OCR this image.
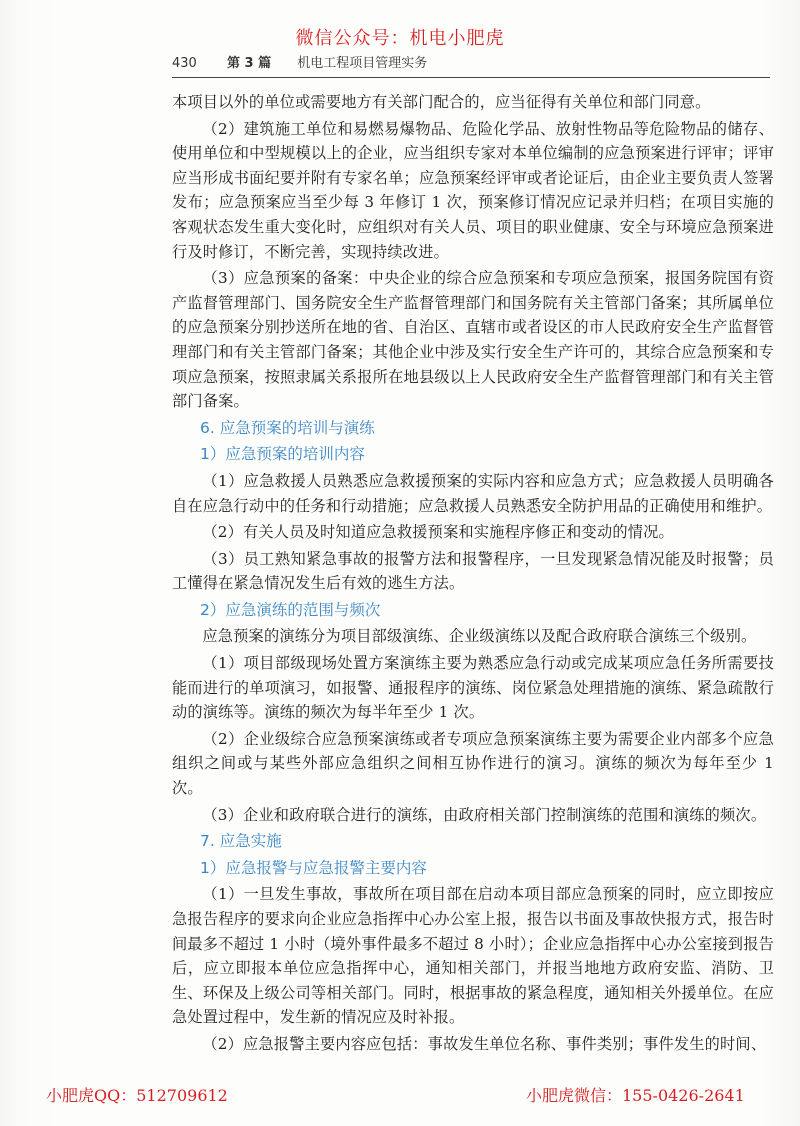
微信公众号：机电小肥虎
430 第 3 篇 机电工程项目管理实务
本项目以外的单位或需要地方有关部门配合的，应当征得有关单位和部门同意。
（2）建筑施工单位和易燃易爆物品、危险化学品、放射性物品等危险物品的储存、使用单位和中型规模以上的企业，应当组织专家对本单位编制的应急预案进行评审；评审应当形成书面纪要并附有专家名单；应急预案经评审或者论证后，由企业主要负责人签署发布；应急预案应当至少每 3 年修订 1 次，预案修订情况应记录并归档；在项目实施的客观状态发生重大变化时，应组织对有关人员、项目的职业健康、安全与环境应急预案进行及时修订，不断完善，实现持续改进。
（3）应急预案的备案：中央企业的综合应急预案和专项应急预案，报国务院国有资产监督管理部门、国务院安全生产监督管理部门和国务院有关主管部门备案；其所属单位的应急预案分别抄送所在地的省、自治区、直辖市或者设区的市人民政府安全生产监督管理部门和有关主管部门备案；其他企业中涉及实行安全生产许可的，其综合应急预案和专项应急预案，按照隶属关系报所在地县级以上人民政府安全生产监督管理部门和有关主管部门备案。
6. 应急预案的培训与演练
1）应急预案的培训内容
（1）应急救援人员熟悉应急救援预案的实际内容和应急方式；应急救援人员明确各自在应急行动中的任务和行动措施；应急救援人员熟悉安全防护用品的正确使用和维护。
（2）有关人员及时知道应急救援预案和实施程序修正和变动的情况。
（3）员工熟知紧急事故的报警方法和报警程序，一旦发现紧急情况能及时报警；员工懂得在紧急情况发生后有效的逃生方法。
2）应急演练的范围与频次
应急预案的演练分为项目部级演练、企业级演练以及配合政府联合演练三个级别。
（1）项目部级现场处置方案演练主要为熟悉应急行动或完成某项应急任务所需要技能而进行的单项演习，如报警、通报程序的演练、岗位紧急处理措施的演练、紧急疏散行动的演练等。演练的频次为每半年至少 1 次。
（2）企业级综合应急预案演练或者专项应急预案演练主要为需要企业内部多个应急组织之间或与某些外部应急组织之间相互协作进行的演习。演练的频次为每年至少 1 次。
（3）企业和政府联合进行的演练，由政府相关部门控制演练的范围和演练的频次。
7. 应急实施
1）应急报警与应急报警主要内容
（1）一旦发生事故，事故所在项目部在启动本项目部应急预案的同时，应立即按应急报告程序的要求向企业应急指挥中心办公室上报，报告以书面及事故快报方式，报告时间最多不超过 1 小时（境外事件最多不超过 8 小时）；企业应急指挥中心办公室接到报告后，应立即报本单位应急指挥中心，通知相关部门，并报当地地方政府安监、消防、卫生、环保及上级公司等相关部门。同时，根据事故的紧急程度，通知相关外援单位。在应急处置过程中，发生新的情况应及时补报。
（2）应急报警主要内容应包括：事故发生单位名称、事件类别；事件发生的时间、
小肥虎QQ：512709612	小肥虎微信：155-0426-2641
